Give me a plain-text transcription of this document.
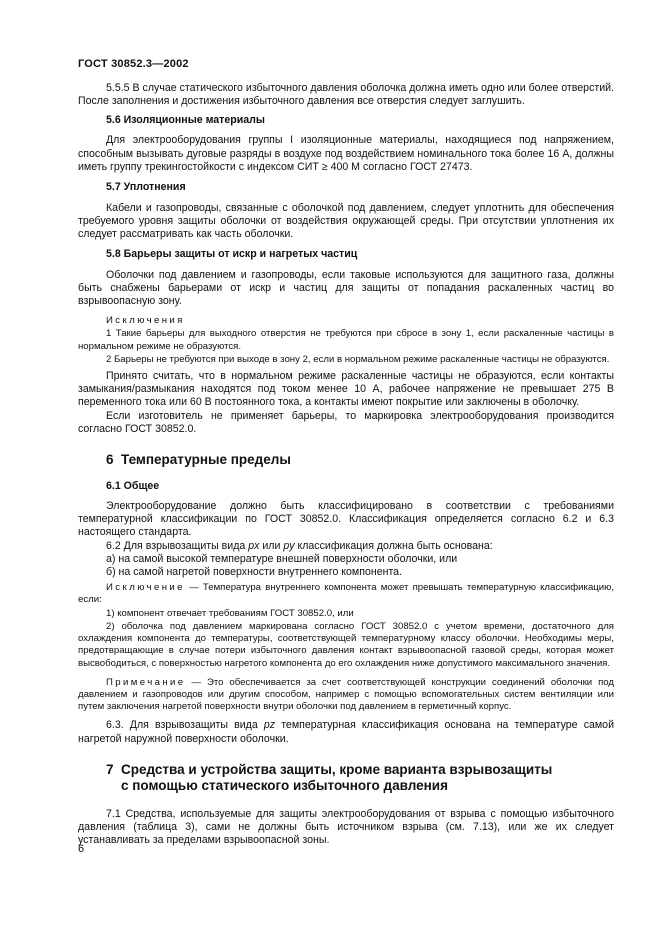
ГОСТ 30852.3—2002

5.5.5 В случае статического избыточного давления оболочка должна иметь одно или более отверстий. После заполнения и достижения избыточного давления все отверстия следует заглушить.

5.6 Изоляционные материалы

Для электрооборудования группы I изоляционные материалы, находящиеся под напряжением, способным вызывать дуговые разряды в воздухе под воздействием номинального тока более 16 А, должны иметь группу трекингостойкости с индексом СИТ ≥ 400 М согласно ГОСТ 27473.

5.7 Уплотнения

Кабели и газопроводы, связанные с оболочкой под давлением, следует уплотнить для обеспечения требуемого уровня защиты оболочки от воздействия окружающей среды. При отсутствии уплотнения их следует рассматривать как часть оболочки.

5.8 Барьеры защиты от искр и нагретых частиц

Оболочки под давлением и газопроводы, если таковые используются для защитного газа, должны быть снабжены барьерами от искр и частиц для защиты от попадания раскаленных частиц во взрывоопасную зону.

Исключения

1 Такие барьеры для выходного отверстия не требуются при сбросе в зону 1, если раскаленные частицы в нормальном режиме не образуются.

2 Барьеры не требуются при выходе в зону 2, если в нормальном режиме раскаленные частицы не образуются.

Принято считать, что в нормальном режиме раскаленные частицы не образуются, если контакты замыкания/размыкания находятся под током менее 10 А, рабочее напряжение не превышает 275 В переменного тока или 60 В постоянного тока, а контакты имеют покрытие или заключены в оболочку.

Если изготовитель не применяет барьеры, то маркировка электрооборудования производится согласно ГОСТ 30852.0.

6 Температурные пределы
6.1 Общее

Электрооборудование должно быть классифицировано в соответствии с требованиями температурной классификации по ГОСТ 30852.0. Классификация определяется согласно 6.2 и 6.3 настоящего стандарта.

6.2 Для взрывозащиты вида px или py классификация должна быть основана:

а) на самой высокой температуре внешней поверхности оболочки, или

б) на самой нагретой поверхности внутреннего компонента.

Исключение — Температура внутреннего компонента может превышать температурную классификацию, если:

1) компонент отвечает требованиям ГОСТ 30852.0, или

2) оболочка под давлением маркирована согласно ГОСТ 30852.0 с учетом времени, достаточного для охлаждения компонента до температуры, соответствующей температурному классу оболочки. Необходимы меры, предотвращающие в случае потери избыточного давления контакт взрывоопасной газовой среды, которая может высвободиться, с поверхностью нагретого компонента до его охлаждения ниже допустимого максимального значения.

Примечание — Это обеспечивается за счет соответствующей конструкции соединений оболочки под давлением и газопроводов или другим способом, например с помощью вспомогательных систем вентиляции или путем заключения нагретой поверхности внутри оболочки под давлением в герметичный корпус.

6.3. Для взрывозащиты вида pz температурная классификация основана на температуре самой нагретой наружной поверхности оболочки.

7 Средства и устройства защиты, кроме варианта взрывозащиты
с помощью статического избыточного давления

7.1 Средства, используемые для защиты электрооборудования от взрыва с помощью избыточного давления (таблица 3), сами не должны быть источником взрыва (см. 7.13), или же их следует устанавливать за пределами взрывоопасной зоны.

6
